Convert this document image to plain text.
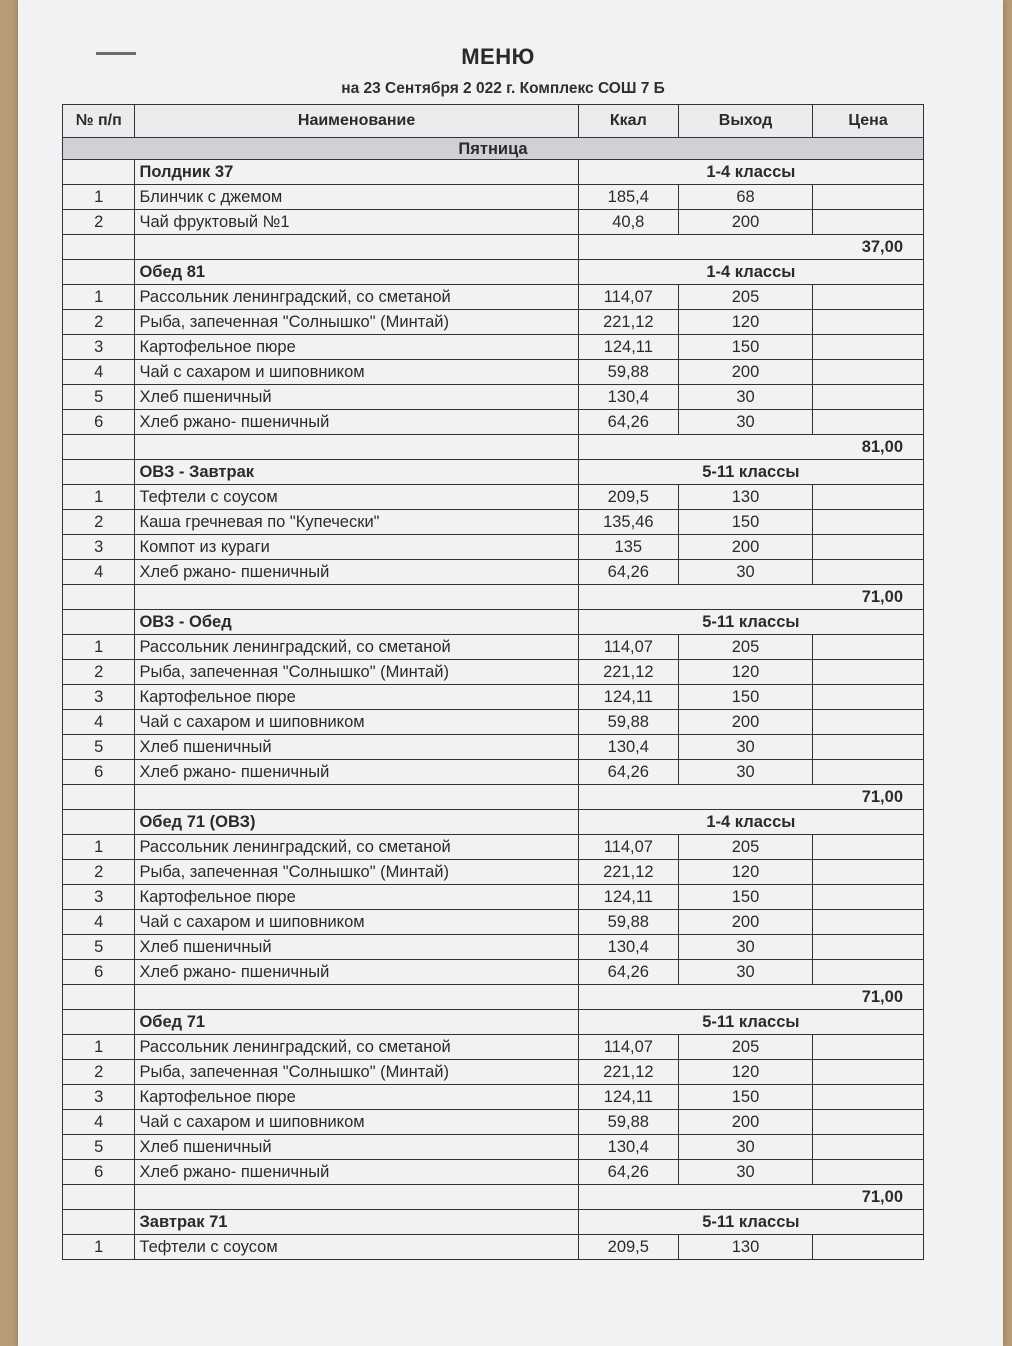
МЕНЮ
на 23 Сентября 2 022 г. Комплекс СОШ 7 Б
№ п/п	Наименование	Ккал	Выход	Цена
Пятница				
	Полдник 37	1-4 классы		
1	Блинчик с джемом	185,4	68	
2	Чай фруктовый №1	40,8	200	
		37,00		
	Обед 81	1-4 классы		
1	Рассольник ленинградский, со сметаной	114,07	205	
2	Рыба, запеченная "Солнышко" (Минтай)	221,12	120	
3	Картофельное пюре	124,11	150	
4	Чай с сахаром и шиповником	59,88	200	
5	Хлеб пшеничный	130,4	30	
6	Хлеб ржано- пшеничный	64,26	30	
		81,00		
	ОВЗ - Завтрак	5-11 классы		
1	Тефтели с соусом	209,5	130	
2	Каша гречневая по "Купечески"	135,46	150	
3	Компот из кураги	135	200	
4	Хлеб ржано- пшеничный	64,26	30	
		71,00		
	ОВЗ - Обед	5-11 классы		
1	Рассольник ленинградский, со сметаной	114,07	205	
2	Рыба, запеченная "Солнышко" (Минтай)	221,12	120	
3	Картофельное пюре	124,11	150	
4	Чай с сахаром и шиповником	59,88	200	
5	Хлеб пшеничный	130,4	30	
6	Хлеб ржано- пшеничный	64,26	30	
		71,00		
	Обед 71 (ОВЗ)	1-4 классы		
1	Рассольник ленинградский, со сметаной	114,07	205	
2	Рыба, запеченная "Солнышко" (Минтай)	221,12	120	
3	Картофельное пюре	124,11	150	
4	Чай с сахаром и шиповником	59,88	200	
5	Хлеб пшеничный	130,4	30	
6	Хлеб ржано- пшеничный	64,26	30	
		71,00		
	Обед 71	5-11 классы		
1	Рассольник ленинградский, со сметаной	114,07	205	
2	Рыба, запеченная "Солнышко" (Минтай)	221,12	120	
3	Картофельное пюре	124,11	150	
4	Чай с сахаром и шиповником	59,88	200	
5	Хлеб пшеничный	130,4	30	
6	Хлеб ржано- пшеничный	64,26	30	
		71,00		
	Завтрак 71	5-11 классы		
1	Тефтели с соусом	209,5	130	
